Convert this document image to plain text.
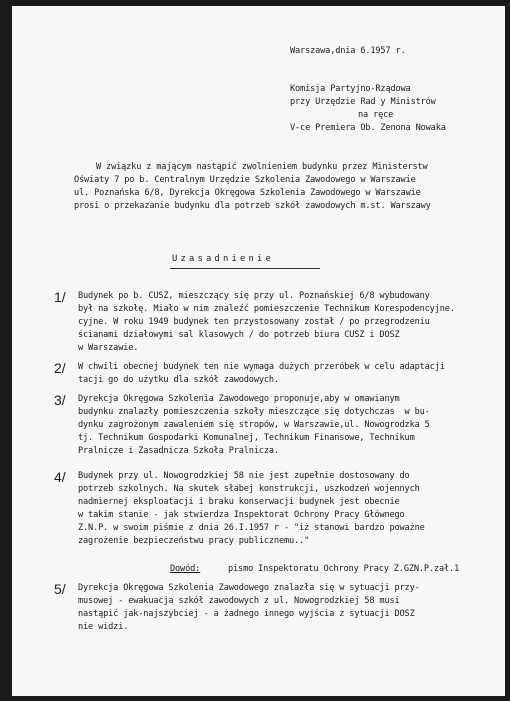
Warszawa,dnia 6.1957 r.
Komisja Partyjno-Rządowa
przy Urzędzie Rad y Ministrów
na ręce
V-ce Premiera Ob. Zenona Nowaka
W związku z mającym nastąpić zwolnieniem budynku przez Ministerstw
Oświaty 7 po b. Centralnym Urzędzie Szkolenia Zawodowego w Warszawie
ul. Poznańska 6/8, Dyrekcja Okręgowa Szkolenia Zawodowego w Warszawie
prosi o przekazanie budynku dla potrzeb szkół zawodowych m.st. Warszawy
Uzasadnienie
1/ Budynek po b. CUSZ, mieszczący się przy ul. Poznańskiej 6/8 wybudowany
był na szkołę. Miało w nim znaleźć pomieszczenie Technikum Korespodencyjne.
cyjne. W roku 1949 budynek ten przystosowany został / po przegrodzeniu
ścianami działowymi sal klasowych / do potrzeb biura CUSZ i DOSZ
w Warszawie.
2/ W chwili obecnej budynek ten nie wymaga dużych przeróbek w celu adaptacji
tacji go do użytku dla szkół zawodowych.
3/ Dyrekcja Okręgowa Szkolenia Zawodowego proponuje,aby w omawianym
budynku znalazły pomieszczenia szkoły mieszczące się dotychczas  w bu-
dynku zagrożonym zawaleniem się stropów, w Warszawie,ul. Nowogrodzka 5
tj. Technikum Gospodarki Komunalnej, Technikum Finansowe, Technikum
Pralnicze i Zasadnicza Szkoła Pralnicza.
4/ Budynek przy ul. Nowogrodzkiej 58 nie jest zupełnie dostosowany do
potrzeb szkolnych. Na skutek słabej konstrukcji, uszkodzeń wojennych
nadmiernej eksploatacji i braku konserwacji budynek jest obecnie
w takim stanie - jak stwierdza Inspektorat Ochrony Pracy Głównego
Z.N.P. w swoim piśmie z dnia 26.I.1957 r - "iż stanowi bardzo poważne
zagrożenie bezpieczeństwu pracy publicznemu.."
Dowód:	pismo Inspektoratu Ochrony Pracy Z.GZN.P.zał.1
5/ Dyrekcja Okręgowa Szkolenia Zawodowego znalazła się w sytuacji przy-
musowej - ewakuacja szkół zawodowych z ul. Nowogrodzkiej 58 musi
nastąpić jak-najszybciej - a żadnego innego wyjścia z sytuacji DOSZ
nie widzi.
